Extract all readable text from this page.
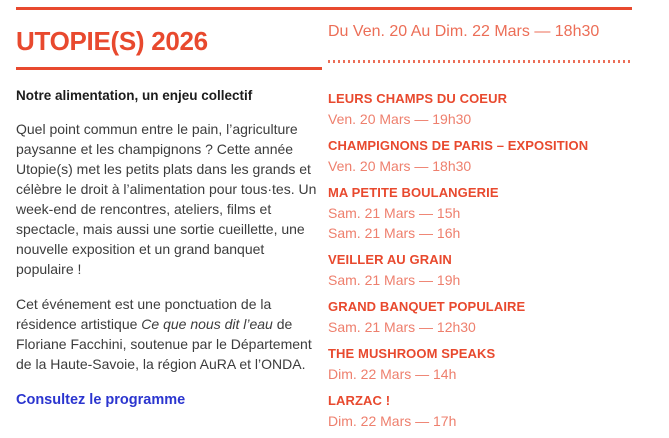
UTOPIE(S) 2026
Notre alimentation, un enjeu collectif

Quel point commun entre le pain, l’agriculture paysanne et les champignons ? Cette année Utopie(s) met les petits plats dans les grands et célèbre le droit à l’alimentation pour tous·tes. Un week-end de rencontres, ateliers, films et spectacle, mais aussi une sortie cueillette, une nouvelle exposition et un grand banquet populaire !

Cet événement est une ponctuation de la résidence artistique Ce que nous dit l’eau de Floriane Facchini, soutenue par le Département de la Haute-Savoie, la région AuRA et l’ONDA.

Consultez le programme
Du Ven. 20 Au Dim. 22 Mars — 18h30
LEURS CHAMPS DU COEUR
Ven. 20 Mars — 19h30
CHAMPIGNONS DE PARIS – EXPOSITION
Ven. 20 Mars — 18h30
MA PETITE BOULANGERIE
Sam. 21 Mars — 15h
Sam. 21 Mars — 16h
VEILLER AU GRAIN
Sam. 21 Mars — 19h
GRAND BANQUET POPULAIRE
Sam. 21 Mars — 12h30
THE MUSHROOM SPEAKS
Dim. 22 Mars — 14h
LARZAC !
Dim. 22 Mars — 17h
